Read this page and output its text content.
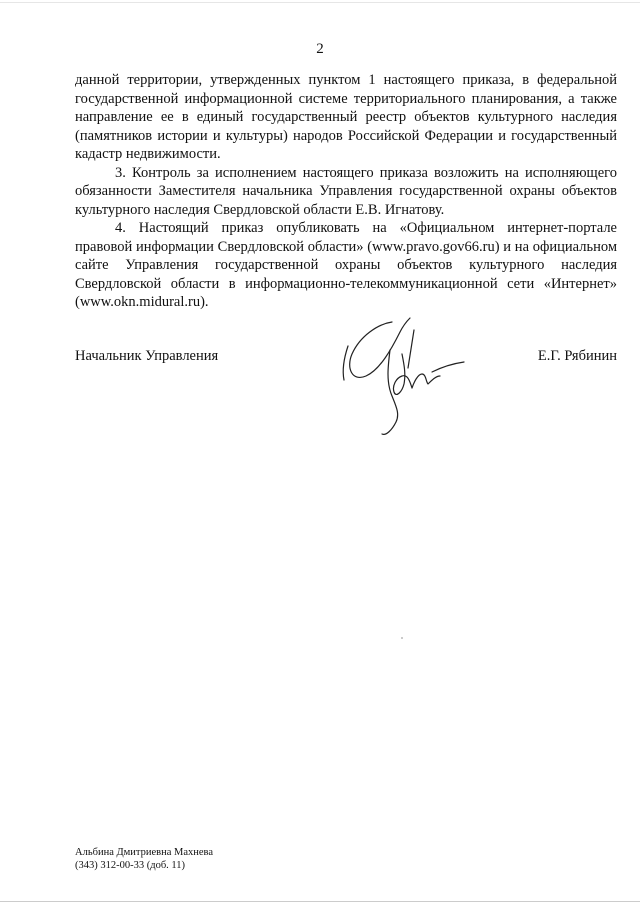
2

данной территории, утвержденных пунктом 1 настоящего приказа, в федеральной государственной информационной системе территориального планирования, а также направление ее в единый государственный реестр объектов культурного наследия (памятников истории и культуры) народов Российской Федерации и государственный кадастр недвижимости.

3. Контроль за исполнением настоящего приказа возложить на исполняющего обязанности Заместителя начальника Управления государственной охраны объектов культурного наследия Свердловской области Е.В. Игнатову.

4. Настоящий приказ опубликовать на «Официальном интернет-портале правовой информации Свердловской области» (www.pravo.gov66.ru) и на официальном сайте Управления государственной охраны объектов культурного наследия Свердловской области в информационно-телекоммуникационной сети «Интернет» (www.okn.midural.ru).

Начальник Управления	Е.Г. Рябинин
Альбина Дмитриевна Махнева
(343) 312-00-33 (доб. 11)
